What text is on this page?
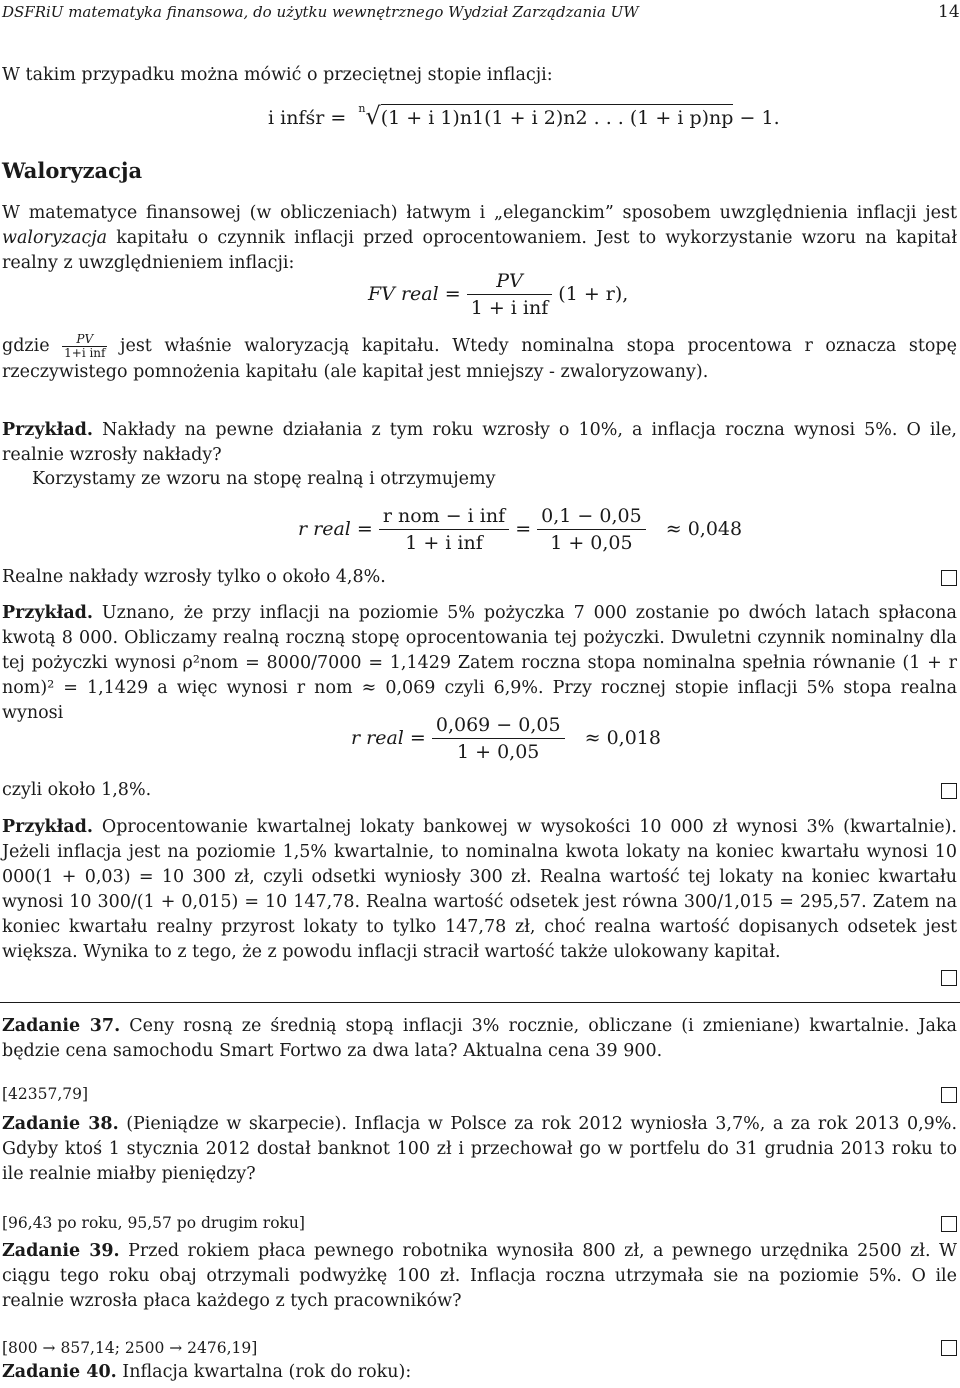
DSFRiU matematyka finansowa, do użytku wewnętrznego Wydział Zarządzania UW	14
W takim przypadku można mówić o przeciętnej stopie inflacji:
i infśr = $^n$√(1 + i 1)n1(1 + i 2)n2 . . . (1 + i p)np − 1.
Waloryzacja

W matematyce finansowej (w obliczeniach) łatwym i „eleganckim” sposobem uwzględnienia inflacji jest waloryzacja kapitału o czynnik inflacji przed oprocentowaniem. Jest to wykorzystanie wzoru na kapitał realny z uwzględnieniem inflacji:

FV real = $\frac{PV}{\text{1 + i inf}} (1 + r)$,

gdzie $\frac{PV}{\text{1+i inf}}$ jest właśnie waloryzacją kapitału. Wtedy nominalna stopa procentowa r oznacza stopę rzeczywistego pomnożenia kapitału (ale kapitał jest mniejszy - zwaloryzowany).

Przykład. Nakłady na pewne działania z tym roku wzrosły o 10%, a inflacja roczna wynosi 5%. O ile, realnie wzrosły nakłady?

Korzystamy ze wzoru na stopę realną i otrzymujemy
r real = $\frac{\text{r nom − i inf}}{\text{1 + i inf}} = \frac{0,1 - 0,05}{1 + 0,05} \approx 0,048$
Realne nakłady wzrosły tylko o około 4,8%.

Przykład. Uznano, że przy inflacji na poziomie 5% pożyczka 7 000 zostanie po dwóch latach spłacona kwotą 8 000. Obliczamy realną roczną stopę oprocentowania tej pożyczki. Dwuletni czynnik nominalny dla tej pożyczki wynosi ρ²nom = 8000/7000 = 1,1429 Zatem roczna stopa nominalna spełnia równanie (1 + r nom)² = 1,1429 a więc wynosi r nom ≈ 0,069 czyli 6,9%. Przy rocznej stopie inflacji 5% stopa realna wynosi

r real = $\frac{0,069 - 0,05}{1 + 0,05} \approx 0,018$
czyli około 1,8%.

Przykład. Oprocentowanie kwartalnej lokaty bankowej w wysokości 10 000 zł wynosi 3% (kwartalnie). Jeżeli inflacja jest na poziomie 1,5% kwartalnie, to nominalna kwota lokaty na koniec kwartału wynosi 10 000(1 + 0,03) = 10 300 zł, czyli odsetki wyniosły 300 zł. Realna wartość tej lokaty na koniec kwartału wynosi 10 300/(1 + 0,015) = 10 147,78. Realna wartość odsetek jest równa 300/1,015 = 295,57. Zatem na koniec kwartału realny przyrost lokaty to tylko 147,78 zł, choć realna wartość dopisanych odsetek jest większa. Wynika to z tego, że z powodu inflacji stracił wartość także ulokowany kapitał.

Zadanie 37. Ceny rosną ze średnią stopą inflacji 3% rocznie, obliczane (i zmieniane) kwartalnie. Jaka będzie cena samochodu Smart Fortwo za dwa lata? Aktualna cena 39 900.

[42357,79]

Zadanie 38. (Pieniądze w skarpecie). Inflacja w Polsce za rok 2012 wyniosła 3,7%, a za rok 2013 0,9%. Gdyby ktoś 1 stycznia 2012 dostał banknot 100 zł i przechował go w portfelu do 31 grudnia 2013 roku to ile realnie miałby pieniędzy?

[96,43 po roku, 95,57 po drugim roku]

Zadanie 39. Przed rokiem płaca pewnego robotnika wynosiła 800 zł, a pewnego urzędnika 2500 zł. W ciągu tego roku obaj otrzymali podwyżkę 100 zł. Inflacja roczna utrzymała sie na poziomie 5%. O ile realnie wzrosła płaca każdego z tych pracowników?

[800 → 857,14; 2500 → 2476,19]

Zadanie 40. Inflacja kwartalna (rok do roku):
